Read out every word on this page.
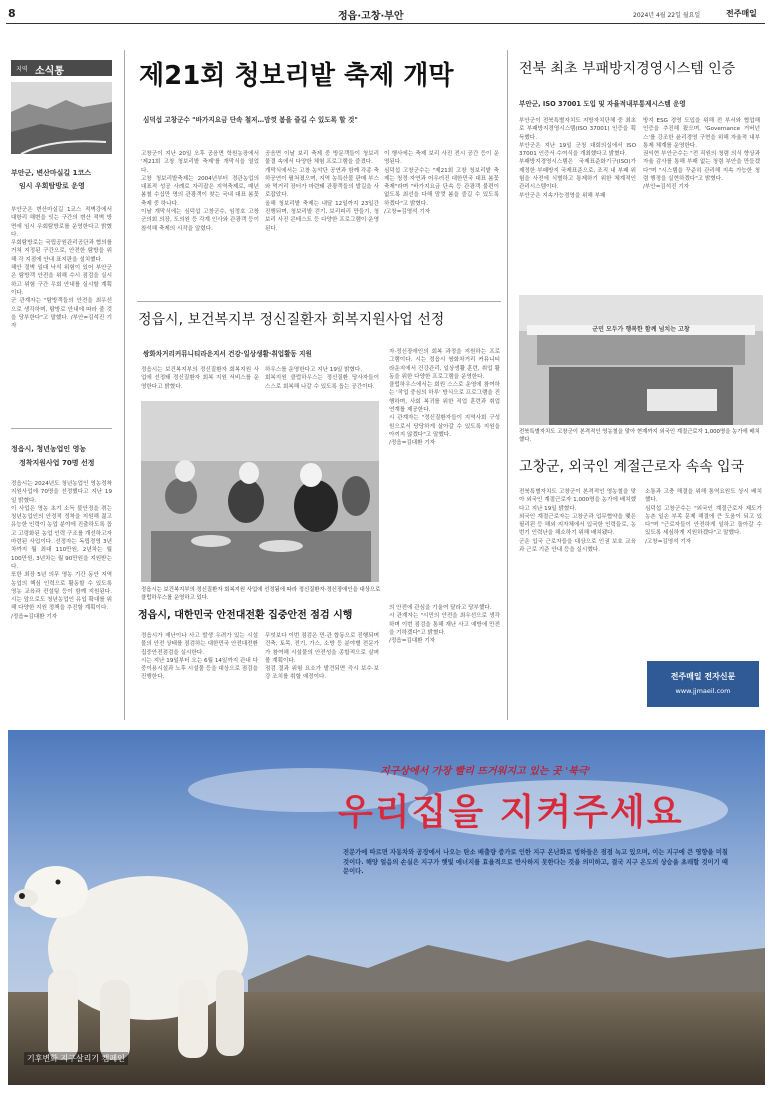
8	정읍·고창·부안	2024년 4월 22일 월요일	전주매일
지역 소식통
부안군, 변산마실길 1코스
임시 우회탐방로 운영
부안군은 변산마실길 1코스 적벽강에서 대항리 해변을 잇는 구간의 변산 적벽 방면에 임시 우회탐방로를 운영한다고 밝혔다.
우회탐방로는 국립공원관리공단과 협의를 거쳐 지정된 구간으로, 안전한 탐방을 위해 각 지점에 안내 표지판을 설치했다.
해안 절벽 일대 낙석 위험이 있어 부안군은 탐방객 안전을 위해 수시 점검을 실시하고 위험 구간 우회 안내를 실시할 계획이다.
군 관계자는 "탐방객들의 안전을 최우선으로 생각하며, 탐방로 안내에 따라 줄 것을 당부한다"고 말했다. /부안=김석진 기자
정읍시, 청년농업인 영농
정착지원사업 70명 선정
정읍시는 2024년도 청년농업인 영농정착지원사업에 70명을 선정했다고 지난 19일 밝혔다.
이 사업은 영농 초기 소득 불안정을 겪는 청년농업인의 안정적 정착을 지원해 젊고 유능한 인력이 농업 분야에 진출하도록 돕고 고령화된 농업 인력 구조를 개선하고자 마련된 사업이다. 선정자는 독립경영 3년 차까지 월 최대 110만원, 2년차는 월 100만원, 3년차는 월 90만원을 지원받는다.
또한 최장 5년 의무 영농 기간 동안 지역 농업의 핵심 인력으로 활동할 수 있도록 영농 교육과 컨설팅 등이 함께 지원된다. 시는 앞으로도 청년농업인 유입 확대를 위해 다양한 지원 정책을 추진할 계획이다.
/정읍=김대환 기자
제21회 청보리밭 축제 개막
심덕섭 고창군수 "바가지요금 단속 철저…맘껏 봄을 즐길 수 있도록 할 것"
고창군이 지난 20일 오후 공음면 학원농장에서 '제21회 고창 청보리밭 축제'를 개막식을 열었다.
고창 청보리밭축제는 2004년부터 경관농업의 대표적 성공 사례로 자리잡은 지역축제로, 매년 봄철 수십만 명의 관광객이 찾는 국내 대표 봄꽃축제 중 하나다.
이날 개막식에는 심덕섭 고창군수, 임정호 고창군의회 의장, 도의원 등 각계 인사와 관광객 등이 참석해 축제의 시작을 알렸다.
공음면 이날 보리 축제 중 방문객들이 청보리 물결 속에서 다양한 체험 프로그램을 즐겼다.
개막식에서는 고창 농악단 공연과 함께 각종 축하공연이 펼쳐졌으며, 지역 농특산물 판매 부스와 먹거리 장터가 마련돼 관광객들의 발길을 사로잡았다.
올해 청보리밭 축제는 내달 12일까지 23일간 진행되며, 청보리밭 걷기, 보리피리 만들기, 청보리 사진 콘테스트 등 다양한 프로그램이 운영된다.
이 행사에는 축제 보리 사진 전시 공간 등이 운영된다.
심덕섭 고창군수는 "제21회 고창 청보리밭 축제는 청정 자연과 어우러진 대한민국 대표 봄꽃 축제"라며 "바가지요금 단속 등 관광객 불편이 없도록 최선을 다해 맘껏 봄을 즐길 수 있도록 하겠다"고 밝혔다.
/고창=김영석 기자
전북 최초 부패방지경영시스템 인증
부안군, ISO 37001 도입 및 자율적내부통제시스템 운영
부안군이 전북특별자치도 지방자치단체 중 최초로 부패방지경영시스템(ISO 37001) 인증을 획득했다.
부안군은 지난 19일 군청 대회의실에서 ISO 37001 인증서 수여식을 개최했다고 밝혔다.
부패방지경영시스템은 국제표준화기구(ISO)가 제정한 부패방지 국제표준으로, 조직 내 부패 위험을 사전에 식별하고 통제하기 위한 체계적인 관리시스템이다.
부안군은 지속가능경영을 위해 부패
방지 ESG 경영 도입을 위해 전 부서와 협업해 인증을 추진해 왔으며, 'Governance 거버넌스'를 강조한 윤리경영 구현을 위해 자율적 내부통제 체계를 운영한다.
권익현 부안군수는 "전 직원의 청렴 의식 향상과 자율 감사를 통해 부패 없는 청렴 부안을 만들겠다"며 "시스템을 꾸준히 관리해 지속 가능한 청렴 행정을 실현하겠다"고 밝혔다.
/부안=김석진 기자
정읍시, 보건복지부 정신질환자 회복지원사업 선정
쌍화차거리커뮤니티라운지서 건강·일상생활·취업활동 지원
정읍시는 보건복지부의 정신질환자 회복지원 사업에 선정돼 정신질환자 회복 지원 서비스를 운영한다고 밝혔다.
하우스를 운영한다고 지난 19일 밝혔다.
회복지원 클럽하우스는 정신질환 당사자들이 스스로 회복해 나갈 수 있도록 돕는 공간이다.
자·정신장애인의 회복 과정을 지원하는 프로그램이다. 시는 정읍시 쌍화차거리 커뮤니티 라운지에서 건강관리, 일상생활 훈련, 취업 활동을 위한 다양한 프로그램을 운영한다.
클럽하우스에서는 회원 스스로 운영에 참여하는 '작업 중심의 하루' 방식으로 프로그램을 진행하며, 사회 복귀를 위한 직업 훈련과 취업 연계를 제공한다.
시 관계자는 "정신질환자들이 지역사회 구성원으로서 당당하게 살아갈 수 있도록 지원을 아끼지 않겠다"고 말했다.
/정읍=김대환 기자
정읍시는 보건복지부의 정신질환자 회복지원 사업에 선정됨에 따라 정신질환자·정신장애인을 대상으로 클럽하우스를 운영하고 있다.
군민 모두가 행복한 함께 넘치는 고창
전북특별자치도 고창군이 본격적인 영농철을 맞아 현재까지 외국인 계절근로자 1,000명을 농가에 배치했다.
고창군, 외국인 계절근로자 속속 입국
전북특별자치도 고창군이 본격적인 영농철을 맞아 외국인 계절근로자 1,000명을 농가에 배치했다고 지난 19일 밝혔다.
외국인 계절근로자는 고창군과 업무협약을 맺은 필리핀 등 해외 지자체에서 입국한 인력들로, 농번기 인력난을 해소하기 위해 배치됐다.
군은 입국 근로자들을 대상으로 인권 보호 교육과 근로 기준 안내 등을 실시했다.
소통과 고충 해결을 위해 통역요원도 상시 배치했다.
심덕섭 고창군수는 "외국인 계절근로자 제도가 농촌 일손 부족 문제 해결에 큰 도움이 되고 있다"며 "근로자들이 안전하게 일하고 돌아갈 수 있도록 세심하게 지원하겠다"고 말했다.
/고창=김영석 기자
정읍시, 대한민국 안전대전환 집중안전 점검 시행
정읍시가 재난이나 사고 발생 우려가 있는 시설물의 안전 상태를 점검하는 대한민국 안전대전환 집중안전점검을 실시한다.
시는 지난 19일부터 오는 6월 14일까지 관내 다중이용시설과 노후 시설물 등을 대상으로 점검을 진행한다.
무엇보다 이번 점검은 민·관 합동으로 진행되며 건축, 토목, 전기, 가스, 소방 등 분야별 전문가가 참여해 시설물의 안전성을 종합적으로 살펴볼 계획이다.
점검 결과 위험 요소가 발견되면 즉시 보수·보강 조치를 취할 예정이다.
의 안전에 관심을 기울여 달라고 당부했다.
시 관계자는 "시민의 안전을 최우선으로 생각하며 이번 점검을 통해 재난 사고 예방에 만전을 기하겠다"고 밝혔다.
/정읍=김대환 기자
전주매일 전자신문
www.jjmaeil.com
지구상에서 가장 빨리 뜨거워지고 있는 곳 '북극'
우리집을 지켜주세요
전문가에 따르면 자동차와 공장에서 나오는 탄소 배출량 증가로 인한 지구 온난화로 빙하들은 점점 녹고 있으며, 이는 지구에 큰 영향을 미칠 것이다. 해양 얼음의 손실은 지구가 햇빛 에너지를 효율적으로 반사하지 못한다는 것을 의미하고, 결국 지구 온도의 상승을 초래할 것이기 때문이다.
기후변화 지구살리기 캠페인
